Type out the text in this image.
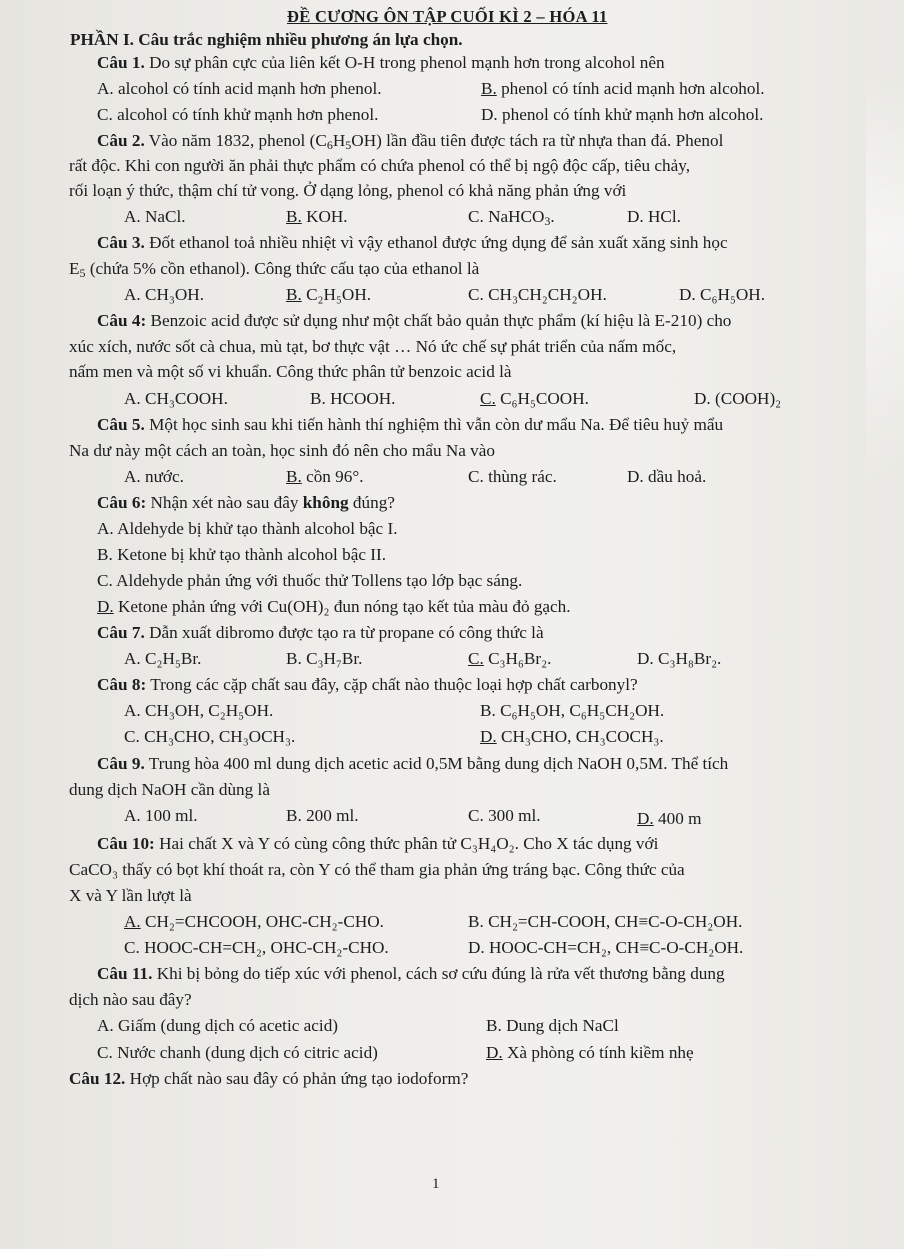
ĐỀ CƯƠNG ÔN TẬP CUỐI KÌ 2 – HÓA 11
PHẦN I. Câu trắc nghiệm nhiều phương án lựa chọn.
Câu 1. Do sự phân cực của liên kết O-H trong phenol mạnh hơn trong alcohol nên
A. alcohol có tính acid mạnh hơn phenol.	B. phenol có tính acid mạnh hơn alcohol.
C. alcohol có tính khử mạnh hơn phenol.	D. phenol có tính khử mạnh hơn alcohol.
Câu 2. Vào năm 1832, phenol $(C_6H_5OH)$ lần đầu tiên được tách ra từ nhựa than đá. Phenol
rất độc. Khi con người ăn phải thực phẩm có chứa phenol có thể bị ngộ độc cấp, tiêu chảy,
rối loạn ý thức, thậm chí tử vong. Ở dạng lỏng, phenol có khả năng phản ứng với
A. NaCl.	B. KOH.	C. NaHCO$_3$.	D. HCl.
Câu 3. Đốt ethanol toả nhiều nhiệt vì vậy ethanol được ứng dụng để sản xuất xăng sinh học
$E_5$ (chứa 5% cồn ethanol). Công thức cấu tạo của ethanol là
A. CH₃OH.	B. C₂H₅OH.	C. CH₃CH₂CH₂OH.	D. C₆H₅OH.
Câu 4: Benzoic acid được sử dụng như một chất bảo quản thực phẩm (kí hiệu là E-210) cho
xúc xích, nước sốt cà chua, mù tạt, bơ thực vật … Nó ức chế sự phát triển của nấm mốc,
nấm men và một số vi khuẩn. Công thức phân tử benzoic acid là
A. CH₃COOH.	B. HCOOH.	C. C₆H₅COOH.	D. (COOH)₂
Câu 5. Một học sinh sau khi tiến hành thí nghiệm thì vẫn còn dư mẩu Na. Để tiêu huỷ mẩu
Na dư này một cách an toàn, học sinh đó nên cho mẩu Na vào
A. nước.	B. cồn 96°.	C. thùng rác.	D. dầu hoả.
Câu 6: Nhận xét nào sau đây không đúng?
A. Aldehyde bị khử tạo thành alcohol bậc I.
B. Ketone bị khử tạo thành alcohol bậc II.
C. Aldehyde phản ứng với thuốc thử Tollens tạo lớp bạc sáng.
D. Ketone phản ứng với Cu(OH)₂ đun nóng tạo kết tủa màu đỏ gạch.
Câu 7. Dẫn xuất dibromo được tạo ra từ propane có công thức là
A. C₂H₅Br.	B. C₃H₇Br.	C. C₃H₆Br₂.	D. C₃H₈Br₂.
Câu 8: Trong các cặp chất sau đây, cặp chất nào thuộc loại hợp chất carbonyl?
A. CH₃OH, C₂H₅OH.	B. C₆H₅OH, C₆H₅CH₂OH.
C. CH₃CHO, CH₃OCH₃.	D. CH₃CHO, CH₃COCH₃.
Câu 9. Trung hòa 400 ml dung dịch acetic acid 0,5M bằng dung dịch NaOH 0,5M. Thể tích
dung dịch NaOH cần dùng là
A. 100 ml.	B. 200 ml.	C. 300 ml.	D. 400 m
Câu 10: Hai chất X và Y có cùng công thức phân tử C₃H₄O₂. Cho X tác dụng với
CaCO₃ thấy có bọt khí thoát ra, còn Y có thể tham gia phản ứng tráng bạc. Công thức của
X và Y lần lượt là
A. CH₂=CHCOOH, OHC-CH₂-CHO.	B. CH₂=CH-COOH, CH≡C-O-CH₂OH.
C. HOOC-CH=CH₂, OHC-CH₂-CHO.	D. HOOC-CH=CH₂, CH≡C-O-CH₂OH.
Câu 11. Khi bị bỏng do tiếp xúc với phenol, cách sơ cứu đúng là rửa vết thương bằng dung
dịch nào sau đây?
A. Giấm (dung dịch có acetic acid)	B. Dung dịch NaCl
C. Nước chanh (dung dịch có citric acid)	D. Xà phòng có tính kiềm nhẹ
Câu 12. Hợp chất nào sau đây có phản ứng tạo iodoform?
1
